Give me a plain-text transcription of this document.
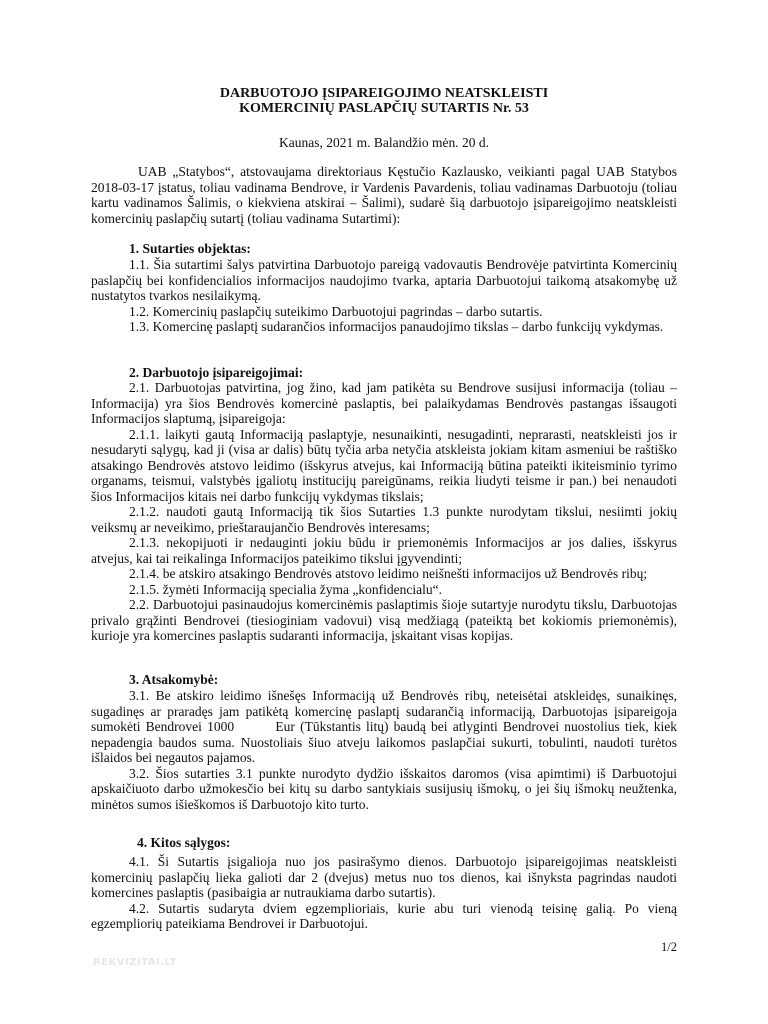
DARBUOTOJO ĮSIPAREIGOJIMO NEATSKLEISTI
KOMERCINIŲ PASLAPČIŲ SUTARTIS Nr. 53
Kaunas, 2021 m. Balandžio mėn. 20 d.

UAB „Statybos“, atstovaujama direktoriaus Kęstučio Kazlausko, veikianti pagal UAB Statybos 2018-03-17 įstatus, toliau vadinama Bendrove, ir Vardenis Pavardenis, toliau vadinamas Darbuotoju (toliau kartu vadinamos Šalimis, o kiekviena atskirai – Šalimi), sudarė šią darbuotojo įsipareigojimo neatskleisti komercinių paslapčių sutartį (toliau vadinama Sutartimi):

1. Sutarties objektas:

1.1. Šia sutartimi šalys patvirtina Darbuotojo pareigą vadovautis Bendrovėje patvirtinta Komercinių paslapčių bei konfidencialios informacijos naudojimo tvarka, aptaria Darbuotojui taikomą atsakomybę už nustatytos tvarkos nesilaikymą.

1.2. Komercinių paslapčių suteikimo Darbuotojui pagrindas – darbo sutartis.

1.3. Komercinę paslaptį sudarančios informacijos panaudojimo tikslas – darbo funkcijų vykdymas.

2. Darbuotojo įsipareigojimai:

2.1. Darbuotojas patvirtina, jog žino, kad jam patikėta su Bendrove susijusi informacija (toliau – Informacija) yra šios Bendrovės komercinė paslaptis, bei palaikydamas Bendrovės pastangas išsaugoti Informacijos slaptumą, įsipareigoja:

2.1.1. laikyti gautą Informaciją paslaptyje, nesunaikinti, nesugadinti, neprarasti, neatskleisti jos ir nesudaryti sąlygų, kad ji (visa ar dalis) būtų tyčia arba netyčia atskleista jokiam kitam asmeniui be raštiško atsakingo Bendrovės atstovo leidimo (išskyrus atvejus, kai Informaciją būtina pateikti ikiteisminio tyrimo organams, teismui, valstybės įgaliotų institucijų pareigūnams, reikia liudyti teisme ir pan.) bei nenaudoti šios Informacijos kitais nei darbo funkcijų vykdymas tikslais;

2.1.2. naudoti gautą Informaciją tik šios Sutarties 1.3 punkte nurodytam tikslui, nesiimti jokių veiksmų ar neveikimo, prieštaraujančio Bendrovės interesams;

2.1.3. nekopijuoti ir nedauginti jokiu būdu ir priemonėmis Informacijos ar jos dalies, išskyrus atvejus, kai tai reikalinga Informacijos pateikimo tikslui įgyvendinti;

2.1.4. be atskiro atsakingo Bendrovės atstovo leidimo neišnešti informacijos už Bendrovės ribų;

2.1.5. žymėti Informaciją specialia žyma „konfidencialu“.

2.2. Darbuotojui pasinaudojus komercinėmis paslaptimis šioje sutartyje nurodytu tikslu, Darbuotojas privalo grąžinti Bendrovei (tiesioginiam vadovui) visą medžiagą (pateiktą bet kokiomis priemonėmis), kurioje yra komercines paslaptis sudaranti informacija, įskaitant visas kopijas.

3. Atsakomybė:

3.1. Be atskiro leidimo išnešęs Informaciją už Bendrovės ribų, neteisėtai atskleidęs, sunaikinęs, sugadinęs ar praradęs jam patikėtą komercinę paslaptį sudarančią informaciją, Darbuotojas įsipareigoja sumokėti Bendrovei 1000        Eur (Tūkstantis litų) baudą bei atlyginti Bendrovei nuostolius tiek, kiek nepadengia baudos suma. Nuostoliais šiuo atveju laikomos paslapčiai sukurti, tobulinti, naudoti turėtos išlaidos bei negautos pajamos.

3.2. Šios sutarties 3.1 punkte nurodyto dydžio išskaitos daromos (visa apimtimi) iš Darbuotojui apskaičiuoto darbo užmokesčio bei kitų su darbo santykiais susijusių išmokų, o jei šių išmokų neužtenka, minėtos sumos išieškomos iš Darbuotojo kito turto.

4. Kitos sąlygos:

4.1. Ši Sutartis įsigalioja nuo jos pasirašymo dienos. Darbuotojo įsipareigojimas neatskleisti komercinių paslapčių lieka galioti dar 2 (dvejus) metus nuo tos dienos, kai išnyksta pagrindas naudoti komercines paslaptis (pasibaigia ar nutraukiama darbo sutartis).

4.2. Sutartis sudaryta dviem egzemplioriais, kurie abu turi vienodą teisinę galią. Po vieną egzempliorių pateikiama Bendrovei ir Darbuotojui.

1/2
REKVIZITAI.LT
